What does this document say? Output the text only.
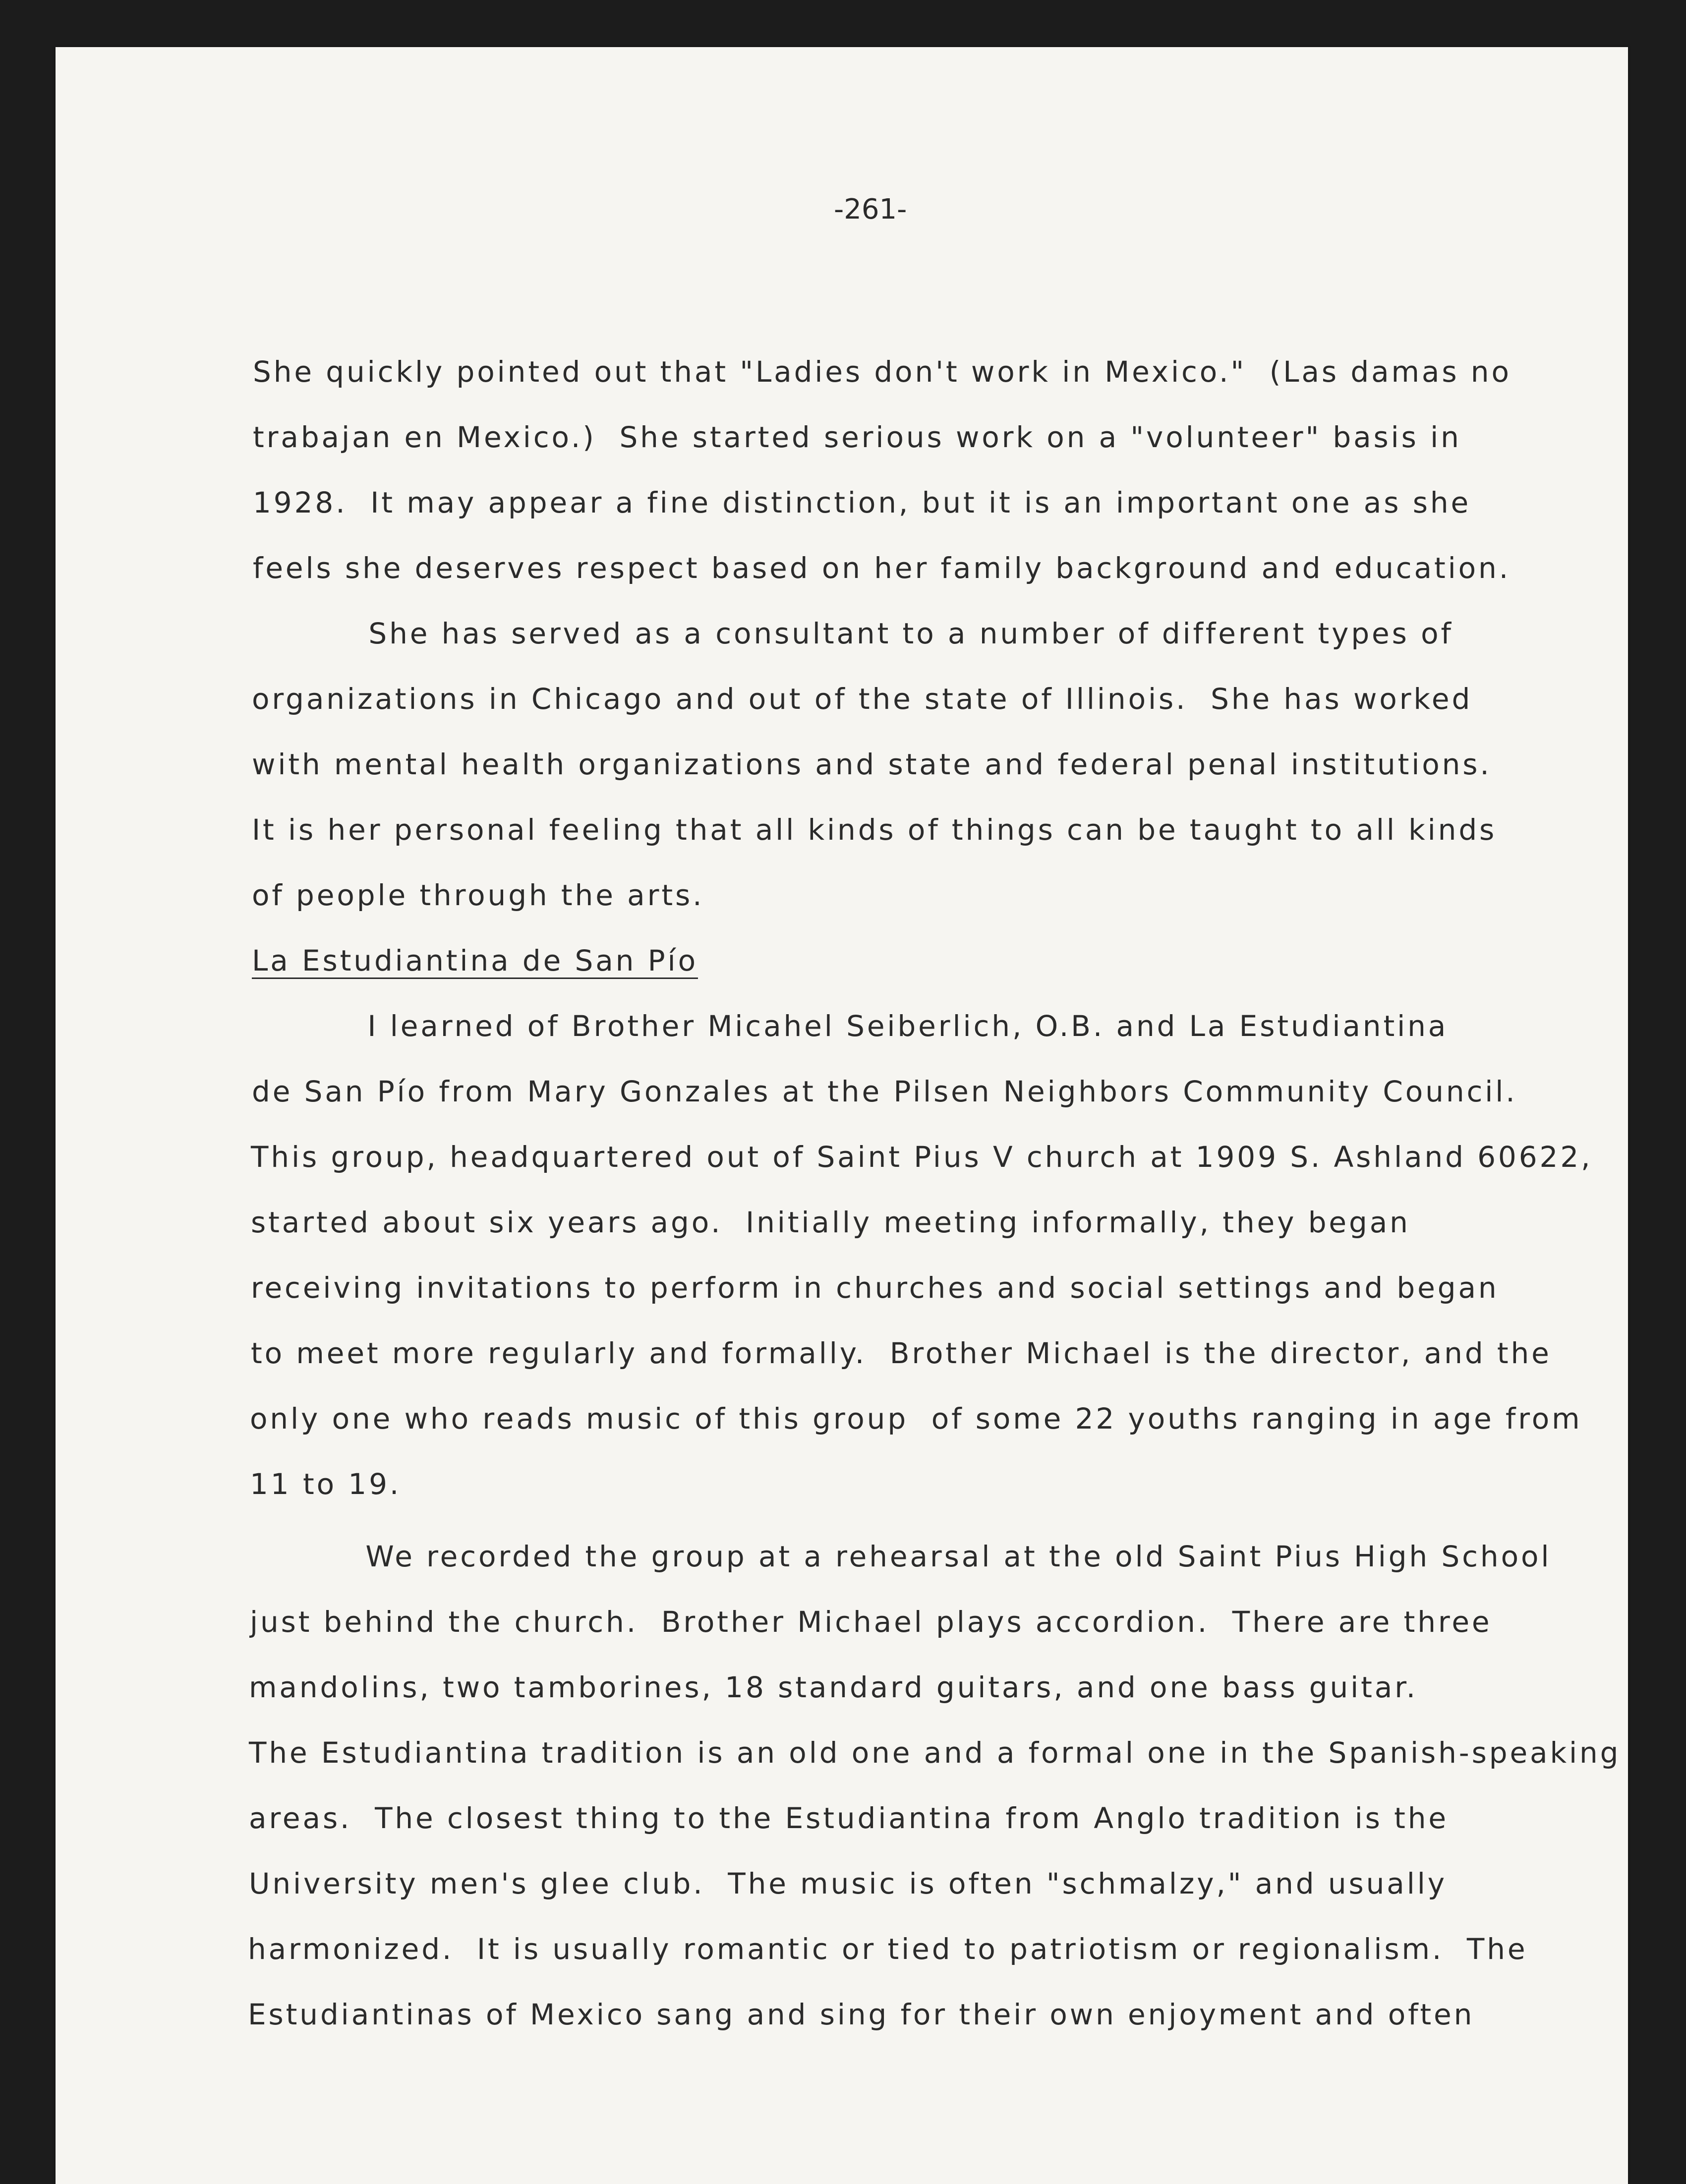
-261-
She quickly pointed out that "Ladies don't work in Mexico."  (Las damas no
trabajan en Mexico.)  She started serious work on a "volunteer" basis in
1928.  It may appear a fine distinction, but it is an important one as she
feels she deserves respect based on her family background and education.
She has served as a consultant to a number of different types of
organizations in Chicago and out of the state of Illinois.  She has worked
with mental health organizations and state and federal penal institutions.
It is her personal feeling that all kinds of things can be taught to all kinds
of people through the arts.
La Estudiantina de San Pío
I learned of Brother Micahel Seiberlich, O.B. and La Estudiantina
de San Pío from Mary Gonzales at the Pilsen Neighbors Community Council.
This group, headquartered out of Saint Pius V church at 1909 S. Ashland 60622,
started about six years ago.  Initially meeting informally, they began
receiving invitations to perform in churches and social settings and began
to meet more regularly and formally.  Brother Michael is the director, and the
only one who reads music of this group  of some 22 youths ranging in age from
11 to 19.
We recorded the group at a rehearsal at the old Saint Pius High School
just behind the church.  Brother Michael plays accordion.  There are three
mandolins, two tamborines, 18 standard guitars, and one bass guitar.
The Estudiantina tradition is an old one and a formal one in the Spanish-speaking
areas.  The closest thing to the Estudiantina from Anglo tradition is the
University men's glee club.  The music is often "schmalzy," and usually
harmonized.  It is usually romantic or tied to patriotism or regionalism.  The
Estudiantinas of Mexico sang and sing for their own enjoyment and often
